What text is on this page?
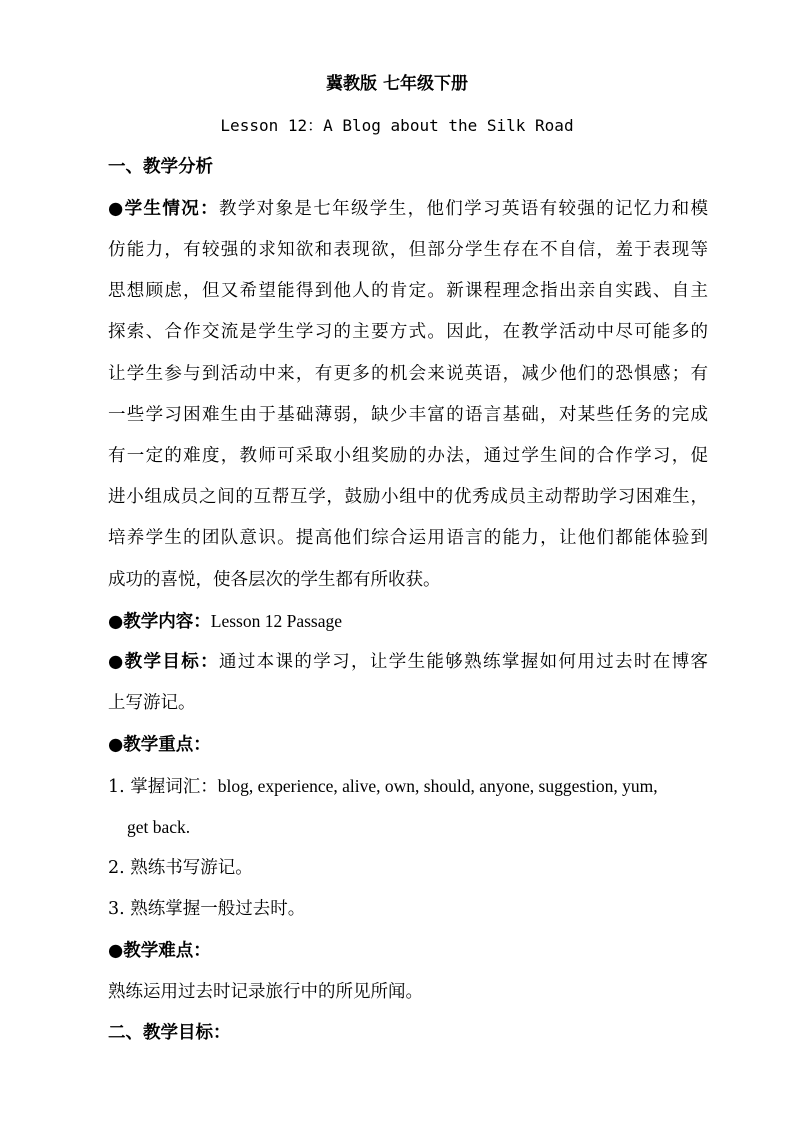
冀教版 七年级下册
Lesson 12：A Blog about the Silk Road
一、教学分析
●学生情况：教学对象是七年级学生，他们学习英语有较强的记忆力和模
仿能力，有较强的求知欲和表现欲，但部分学生存在不自信，羞于表现等
思想顾虑，但又希望能得到他人的肯定。新课程理念指出亲自实践、自主
探索、合作交流是学生学习的主要方式。因此，在教学活动中尽可能多的
让学生参与到活动中来，有更多的机会来说英语，减少他们的恐惧感；有
一些学习困难生由于基础薄弱，缺少丰富的语言基础，对某些任务的完成
有一定的难度，教师可采取小组奖励的办法，通过学生间的合作学习，促
进小组成员之间的互帮互学，鼓励小组中的优秀成员主动帮助学习困难生，
培养学生的团队意识。提高他们综合运用语言的能力，让他们都能体验到
成功的喜悦，使各层次的学生都有所收获。
●教学内容：Lesson 12 Passage
●教学目标：通过本课的学习，让学生能够熟练掌握如何用过去时在博客
上写游记。
●教学重点：
1. 掌握词汇：blog, experience, alive, own, should, anyone, suggestion, yum,
get back.
2. 熟练书写游记。
3. 熟练掌握一般过去时。
●教学难点：
熟练运用过去时记录旅行中的所见所闻。
二、教学目标：
